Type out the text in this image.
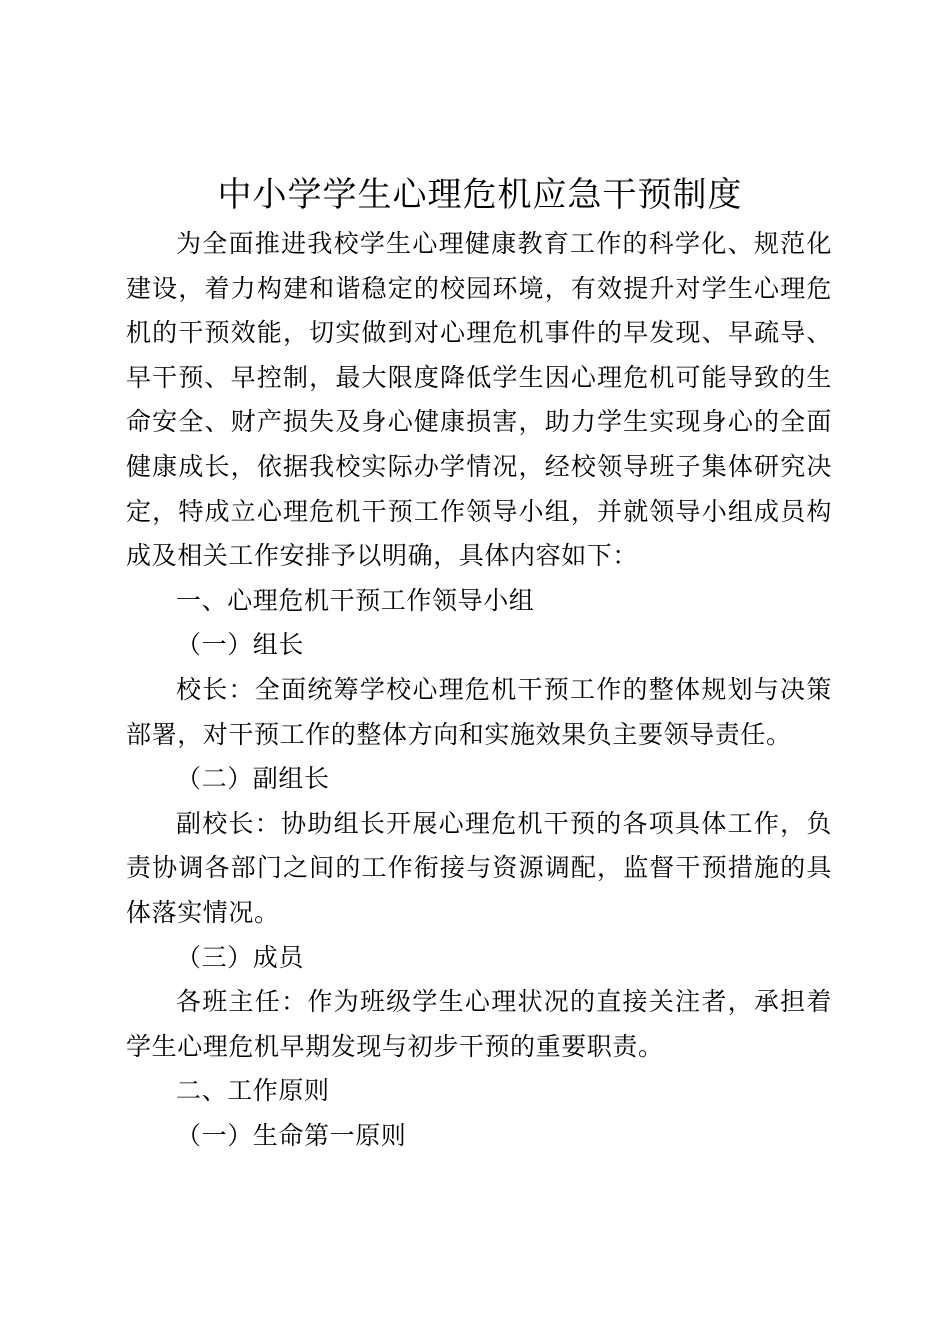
中小学学生心理危机应急干预制度

为全面推进我校学生心理健康教育工作的科学化、规范化建设，着力构建和谐稳定的校园环境，有效提升对学生心理危机的干预效能，切实做到对心理危机事件的早发现、早疏导、早干预、早控制，最大限度降低学生因心理危机可能导致的生命安全、财产损失及身心健康损害，助力学生实现身心的全面健康成长，依据我校实际办学情况，经校领导班子集体研究决定，特成立心理危机干预工作领导小组，并就领导小组成员构成及相关工作安排予以明确，具体内容如下：

一、心理危机干预工作领导小组

（一）组长

校长：全面统筹学校心理危机干预工作的整体规划与决策部署，对干预工作的整体方向和实施效果负主要领导责任。

（二）副组长

副校长：协助组长开展心理危机干预的各项具体工作，负责协调各部门之间的工作衔接与资源调配，监督干预措施的具体落实情况。

（三）成员

各班主任：作为班级学生心理状况的直接关注者，承担着学生心理危机早期发现与初步干预的重要职责。

二、工作原则

（一）生命第一原则
